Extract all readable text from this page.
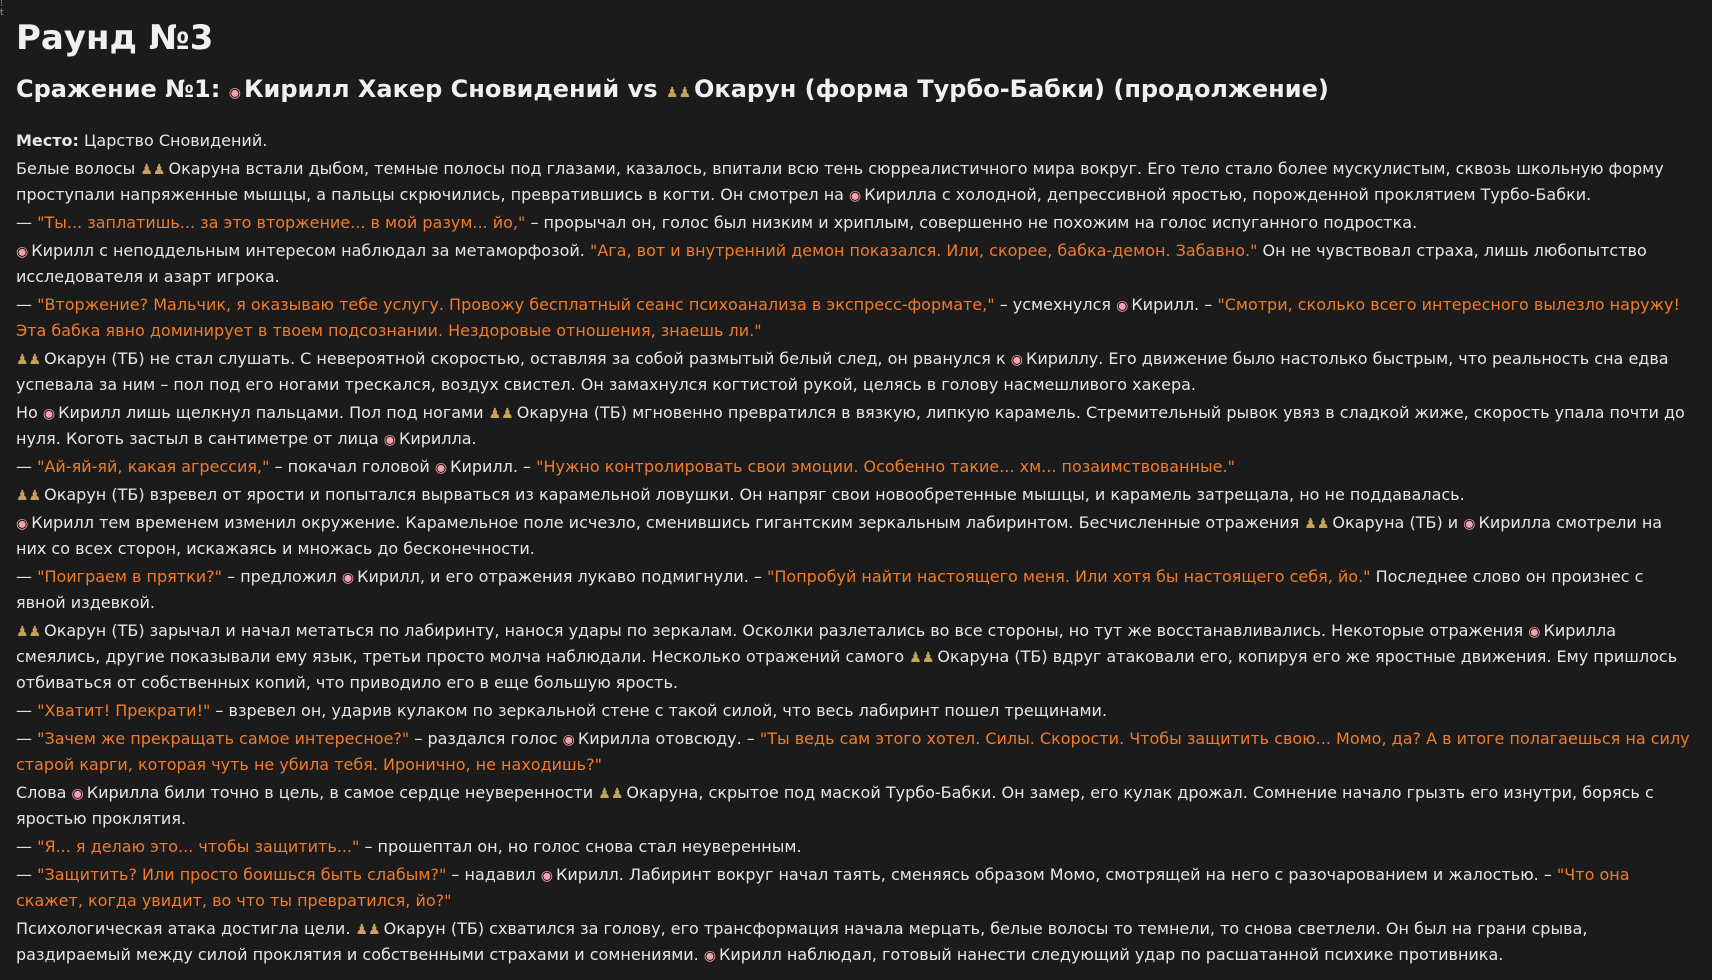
⁝ t
Раунд №3
Сражение №1: ◉ Кирилл Хакер Сновидений vs ♟♟ Окарун (форма Турбо-Бабки) (продолжение)

Место: Царство Сновидений.

Белые волосы ♟♟ Окаруна встали дыбом, темные полосы под глазами, казалось, впитали всю тень сюрреалистичного мира вокруг. Его тело стало более мускулистым, сквозь школьную форму проступали напряженные мышцы, а пальцы скрючились, превратившись в когти. Он смотрел на ◉ Кирилла с холодной, депрессивной яростью, порожденной проклятием Турбо-Бабки.

— "Ты... заплатишь... за это вторжение... в мой разум... йо," – прорычал он, голос был низким и хриплым, совершенно не похожим на голос испуганного подростка.

◉ Кирилл с неподдельным интересом наблюдал за метаморфозой. "Ага, вот и внутренний демон показался. Или, скорее, бабка-демон. Забавно." Он не чувствовал страха, лишь любопытство исследователя и азарт игрока.

— "Вторжение? Мальчик, я оказываю тебе услугу. Провожу бесплатный сеанс психоанализа в экспресс-формате," – усмехнулся ◉ Кирилл. – "Смотри, сколько всего интересного вылезло наружу! Эта бабка явно доминирует в твоем подсознании. Нездоровые отношения, знаешь ли."

♟♟ Окарун (ТБ) не стал слушать. С невероятной скоростью, оставляя за собой размытый белый след, он рванулся к ◉ Кириллу. Его движение было настолько быстрым, что реальность сна едва успевала за ним – пол под его ногами трескался, воздух свистел. Он замахнулся когтистой рукой, целясь в голову насмешливого хакера.

Но ◉ Кирилл лишь щелкнул пальцами. Пол под ногами ♟♟ Окаруна (ТБ) мгновенно превратился в вязкую, липкую карамель. Стремительный рывок увяз в сладкой жиже, скорость упала почти до нуля. Коготь застыл в сантиметре от лица ◉ Кирилла.

— "Ай-яй-яй, какая агрессия," – покачал головой ◉ Кирилл. – "Нужно контролировать свои эмоции. Особенно такие... хм... позаимствованные."

♟♟ Окарун (ТБ) взревел от ярости и попытался вырваться из карамельной ловушки. Он напряг свои новообретенные мышцы, и карамель затрещала, но не поддавалась.

◉ Кирилл тем временем изменил окружение. Карамельное поле исчезло, сменившись гигантским зеркальным лабиринтом. Бесчисленные отражения ♟♟ Окаруна (ТБ) и ◉ Кирилла смотрели на них со всех сторон, искажаясь и множась до бесконечности.

— "Поиграем в прятки?" – предложил ◉ Кирилл, и его отражения лукаво подмигнули. – "Попробуй найти настоящего меня. Или хотя бы настоящего себя, йо." Последнее слово он произнес с явной издевкой.

♟♟ Окарун (ТБ) зарычал и начал метаться по лабиринту, нанося удары по зеркалам. Осколки разлетались во все стороны, но тут же восстанавливались. Некоторые отражения ◉ Кирилла смеялись, другие показывали ему язык, третьи просто молча наблюдали. Несколько отражений самого ♟♟ Окаруна (ТБ) вдруг атаковали его, копируя его же яростные движения. Ему пришлось отбиваться от собственных копий, что приводило его в еще большую ярость.

— "Хватит! Прекрати!" – взревел он, ударив кулаком по зеркальной стене с такой силой, что весь лабиринт пошел трещинами.

— "Зачем же прекращать самое интересное?" – раздался голос ◉ Кирилла отовсюду. – "Ты ведь сам этого хотел. Силы. Скорости. Чтобы защитить свою... Момо, да? А в итоге полагаешься на силу старой карги, которая чуть не убила тебя. Иронично, не находишь?"

Слова ◉ Кирилла били точно в цель, в самое сердце неуверенности ♟♟ Окаруна, скрытое под маской Турбо-Бабки. Он замер, его кулак дрожал. Сомнение начало грызть его изнутри, борясь с яростью проклятия.

— "Я... я делаю это... чтобы защитить..." – прошептал он, но голос снова стал неуверенным.

— "Защитить? Или просто боишься быть слабым?" – надавил ◉ Кирилл. Лабиринт вокруг начал таять, сменяясь образом Момо, смотрящей на него с разочарованием и жалостью. – "Что она скажет, когда увидит, во что ты превратился, йо?"

Психологическая атака достигла цели. ♟♟ Окарун (ТБ) схватился за голову, его трансформация начала мерцать, белые волосы то темнели, то снова светлели. Он был на грани срыва, раздираемый между силой проклятия и собственными страхами и сомнениями. ◉ Кирилл наблюдал, готовый нанести следующий удар по расшатанной психике противника.
